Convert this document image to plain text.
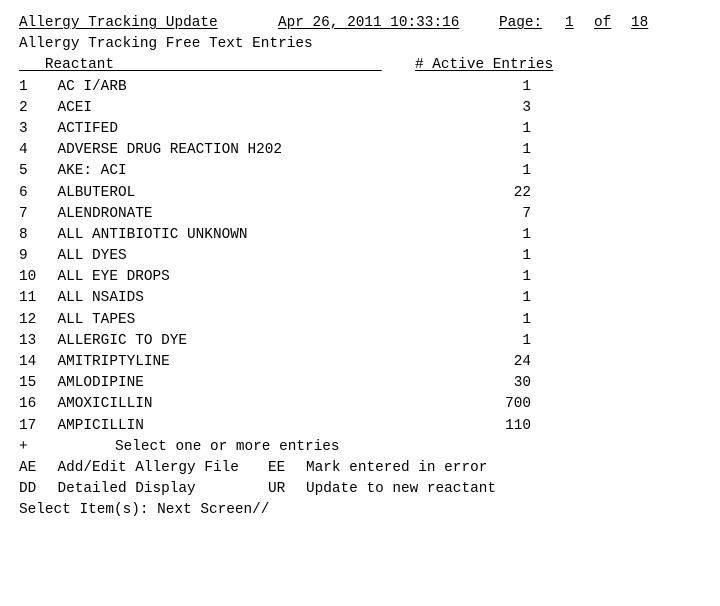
Allergy Tracking Update

	Apr 26, 2011 10:33:16

	Page:

1

of

18

Allergy Tracking Free Text Entries

Reactant

# Active Entries

1 AC I/ARB	1
2 ACEI	3
3 ACTIFED	1
4 ADVERSE DRUG REACTION H202	1
5 AKE: ACI	1
6 ALBUTEROL	22
7 ALENDRONATE	7
8 ALL ANTIBIOTIC UNKNOWN	1
9 ALL DYES	1
10 ALL EYE DROPS	1
11 ALL NSAIDS	1
12 ALL TAPES	1
13 ALLERGIC TO DYE	1
14 AMITRIPTYLINE	24
15 AMLODIPINE	30
16 AMOXICILLIN	700
17 AMPICILLIN	110

+

	Select one or more entries

AE

Add/Edit Allergy File

EE

Mark entered in error

DD

Detailed Display

	UR

Update to new reactant

Select Item(s): Next Screen//
